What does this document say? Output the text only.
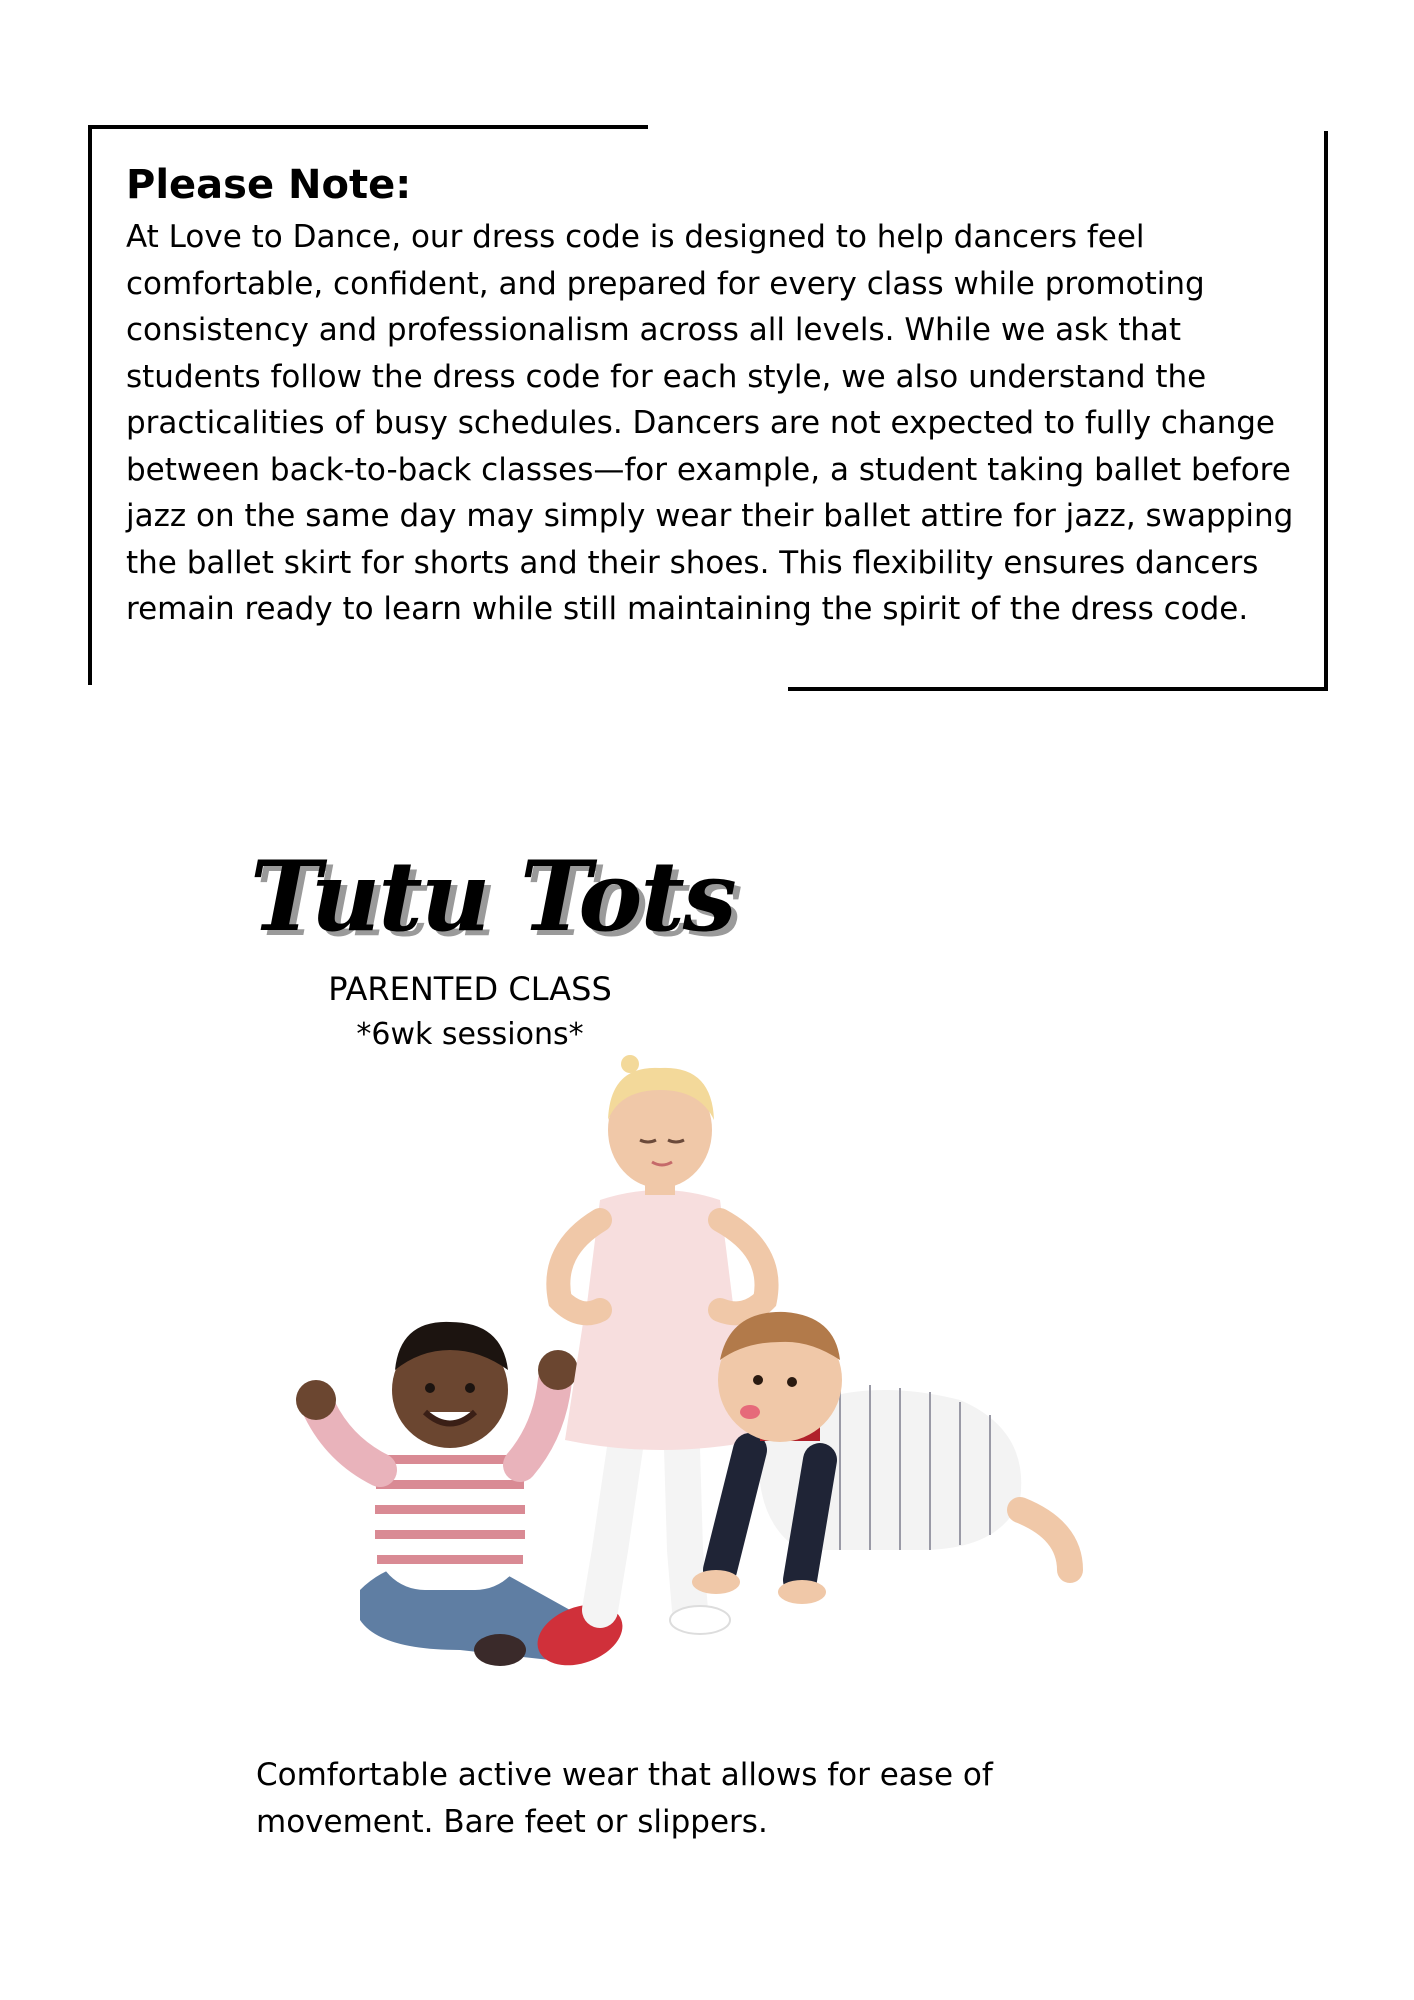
Please Note:

At Love to Dance, our dress code is designed to help dancers feel comfortable, confident, and prepared for every class while promoting consistency and professionalism across all levels. While we ask that students follow the dress code for each style, we also understand the practicalities of busy schedules. Dancers are not expected to fully change between back-to-back classes—for example, a student taking ballet before jazz on the same day may simply wear their ballet attire for jazz, swapping the ballet skirt for shorts and their shoes. This flexibility ensures dancers remain ready to learn while still maintaining the spirit of the dress code.

Tutu Tots
PARENTED CLASS
*6wk sessions*

Comfortable active wear that allows for ease of movement. Bare feet or slippers.
